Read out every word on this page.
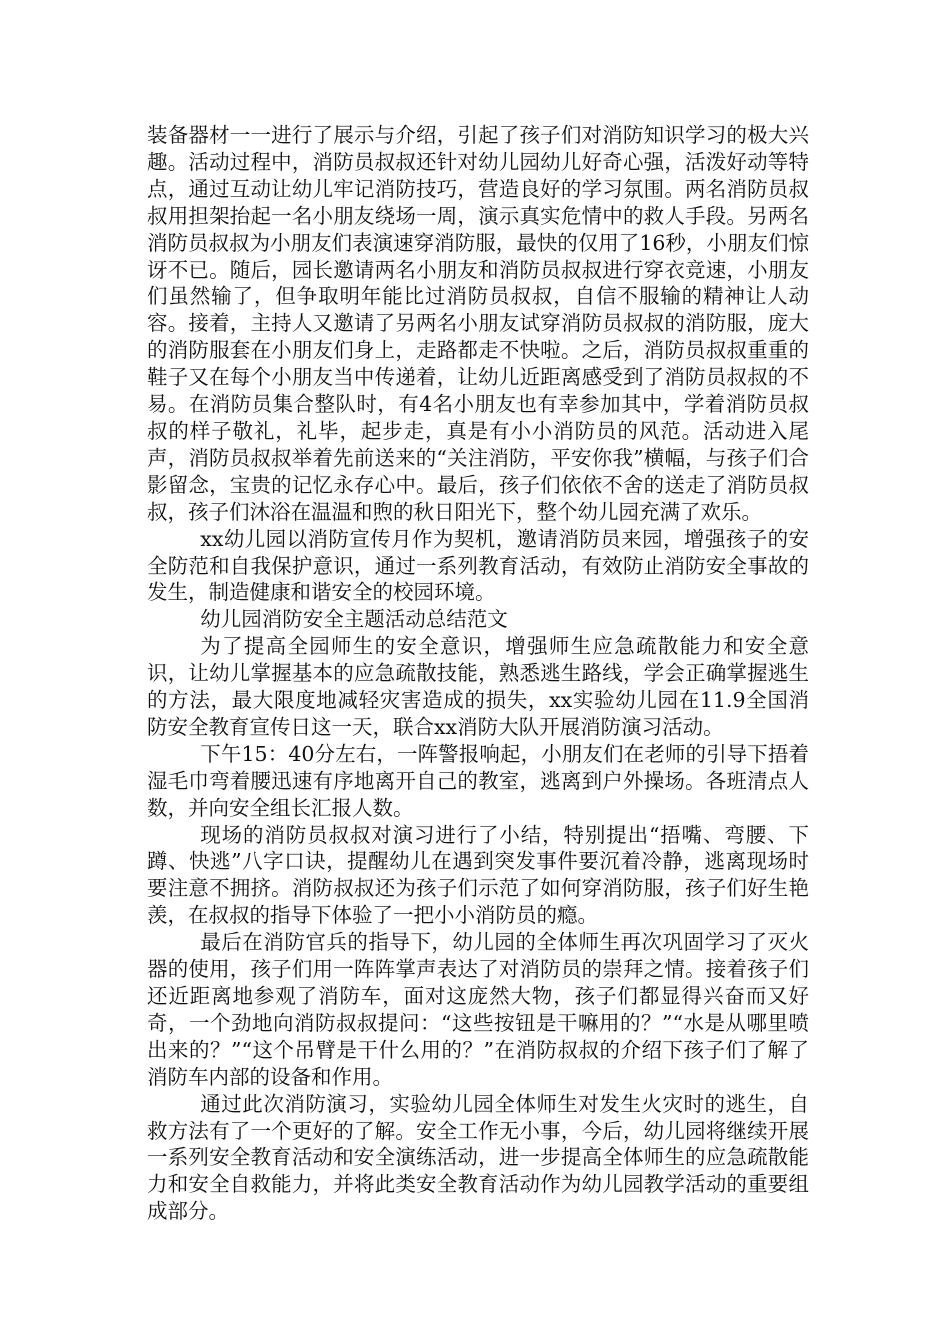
装备器材一一进行了展示与介绍，引起了孩子们对消防知识学习的极大兴趣。活动过程中，消防员叔叔还针对幼儿园幼儿好奇心强，活泼好动等特点，通过互动让幼儿牢记消防技巧，营造良好的学习氛围。两名消防员叔叔用担架抬起一名小朋友绕场一周，演示真实危情中的救人手段。另两名消防员叔叔为小朋友们表演速穿消防服，最快的仅用了16秒，小朋友们惊讶不已。随后，园长邀请两名小朋友和消防员叔叔进行穿衣竞速，小朋友们虽然输了，但争取明年能比过消防员叔叔，自信不服输的精神让人动容。接着，主持人又邀请了另两名小朋友试穿消防员叔叔的消防服，庞大的消防服套在小朋友们身上，走路都走不快啦。之后，消防员叔叔重重的鞋子又在每个小朋友当中传递着，让幼儿近距离感受到了消防员叔叔的不易。在消防员集合整队时，有4名小朋友也有幸参加其中，学着消防员叔叔的样子敬礼，礼毕，起步走，真是有小小消防员的风范。活动进入尾声，消防员叔叔举着先前送来的“关注消防，平安你我”横幅，与孩子们合影留念，宝贵的记忆永存心中。最后，孩子们依依不舍的送走了消防员叔叔，孩子们沐浴在温温和煦的秋日阳光下，整个幼儿园充满了欢乐。

xx幼儿园以消防宣传月作为契机，邀请消防员来园，增强孩子的安全防范和自我保护意识，通过一系列教育活动，有效防止消防安全事故的发生，制造健康和谐安全的校园环境。

幼儿园消防安全主题活动总结范文

为了提高全园师生的安全意识，增强师生应急疏散能力和安全意识，让幼儿掌握基本的应急疏散技能，熟悉逃生路线，学会正确掌握逃生的方法，最大限度地减轻灾害造成的损失，xx实验幼儿园在11.9全国消防安全教育宣传日这一天，联合xx消防大队开展消防演习活动。

下午15：40分左右，一阵警报响起，小朋友们在老师的引导下捂着湿毛巾弯着腰迅速有序地离开自己的教室，逃离到户外操场。各班清点人数，并向安全组长汇报人数。

现场的消防员叔叔对演习进行了小结，特别提出“捂嘴、弯腰、下蹲、快逃”八字口诀，提醒幼儿在遇到突发事件要沉着冷静，逃离现场时要注意不拥挤。消防叔叔还为孩子们示范了如何穿消防服，孩子们好生艳羡，在叔叔的指导下体验了一把小小消防员的瘾。

最后在消防官兵的指导下，幼儿园的全体师生再次巩固学习了灭火器的使用，孩子们用一阵阵掌声表达了对消防员的崇拜之情。接着孩子们还近距离地参观了消防车，面对这庞然大物，孩子们都显得兴奋而又好奇，一个劲地向消防叔叔提问：“这些按钮是干嘛用的？”“水是从哪里喷出来的？”“这个吊臂是干什么用的？”在消防叔叔的介绍下孩子们了解了消防车内部的设备和作用。

通过此次消防演习，实验幼儿园全体师生对发生火灾时的逃生，自救方法有了一个更好的了解。安全工作无小事，今后，幼儿园将继续开展一系列安全教育活动和安全演练活动，进一步提高全体师生的应急疏散能力和安全自救能力，并将此类安全教育活动作为幼儿园教学活动的重要组成部分。
